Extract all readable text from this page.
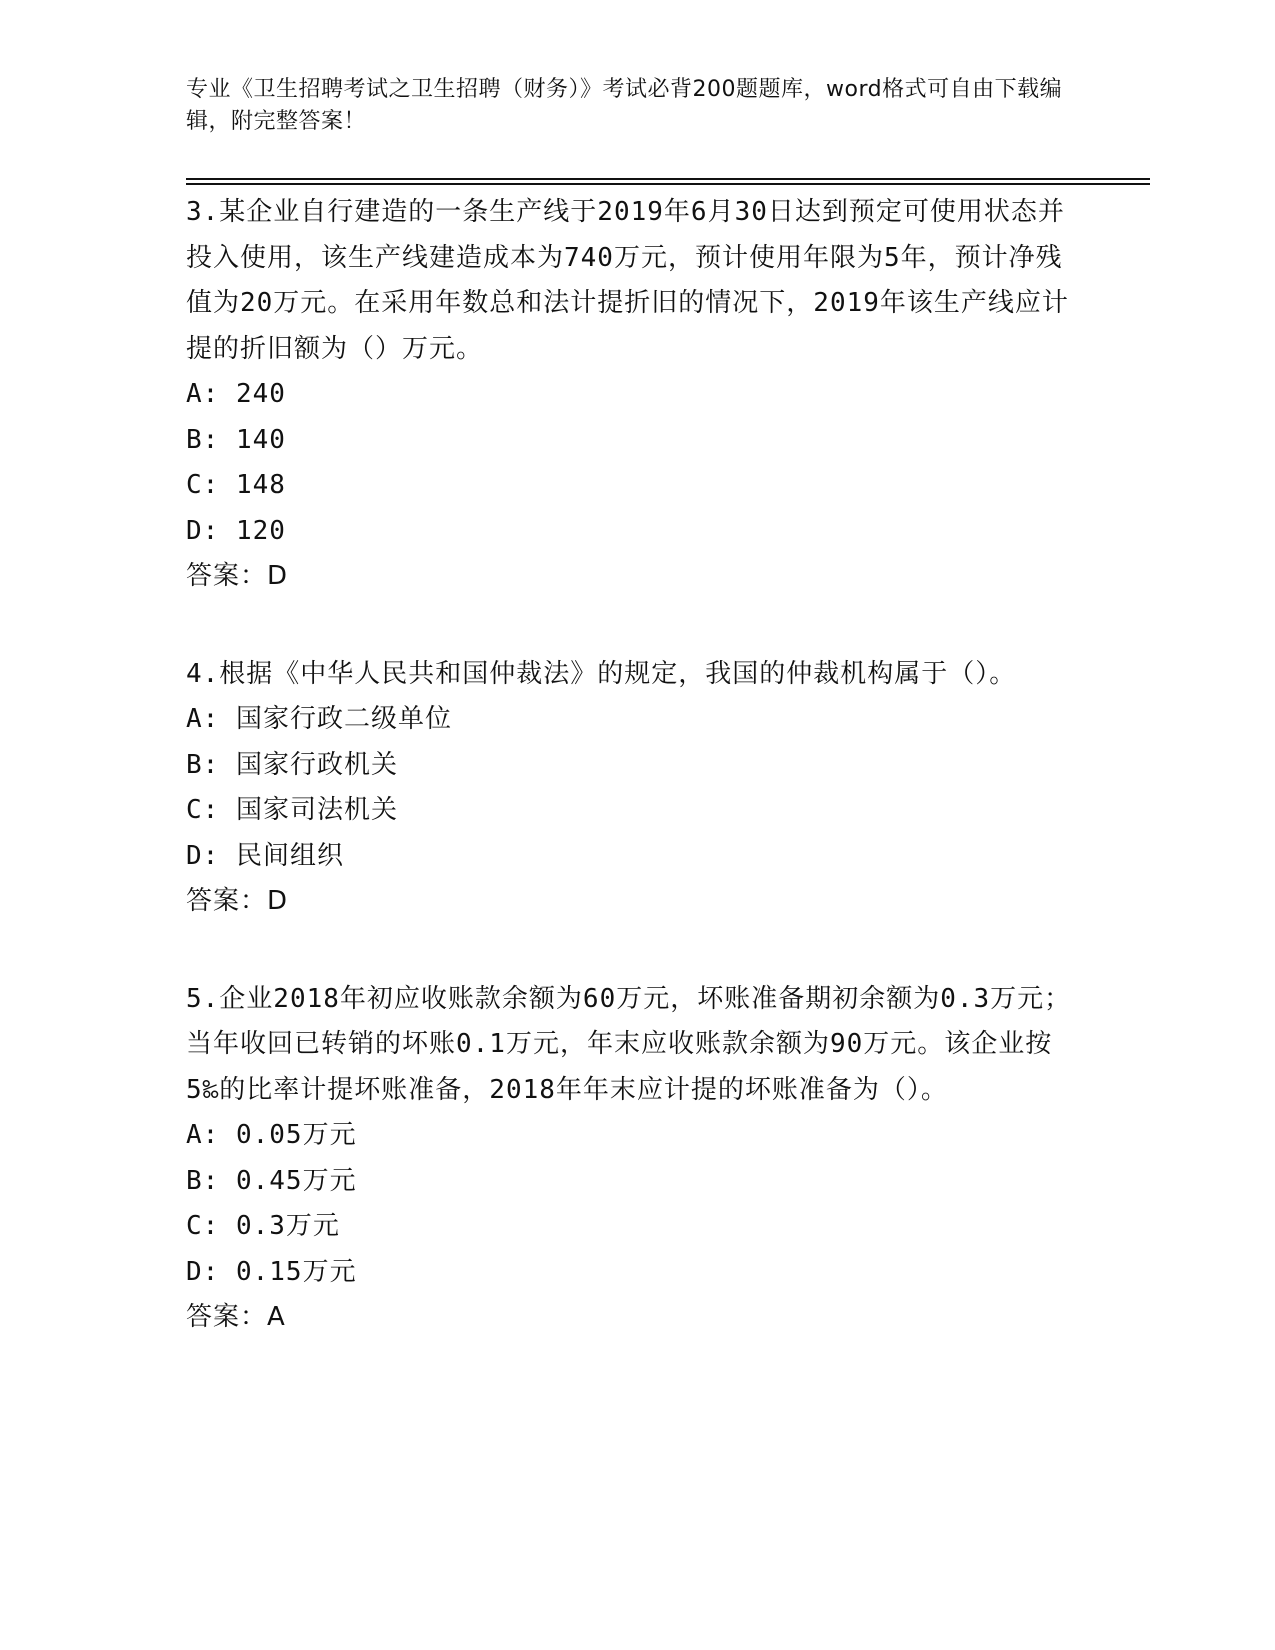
专业《卫生招聘考试之卫生招聘（财务）》考试必背200题题库，word格式可自由下载编辑，附完整答案！

3.某企业自行建造的一条生产线于2019年6月30日达到预定可使用状态并投入使用，该生产线建造成本为740万元，预计使用年限为5年，预计净残值为20万元。在采用年数总和法计提折旧的情况下，2019年该生产线应计提的折旧额为（）万元。

A: 240

B: 140

C: 148

D: 120

答案：D

4.根据《中华人民共和国仲裁法》的规定，我国的仲裁机构属于（）。

A: 国家行政二级单位

B: 国家行政机关

C: 国家司法机关

D: 民间组织

答案：D

5.企业2018年初应收账款余额为60万元，坏账准备期初余额为0.3万元；当年收回已转销的坏账0.1万元，年末应收账款余额为90万元。该企业按5‰的比率计提坏账准备，2018年年末应计提的坏账准备为（）。

A: 0.05万元

B: 0.45万元

C: 0.3万元

D: 0.15万元

答案：A
